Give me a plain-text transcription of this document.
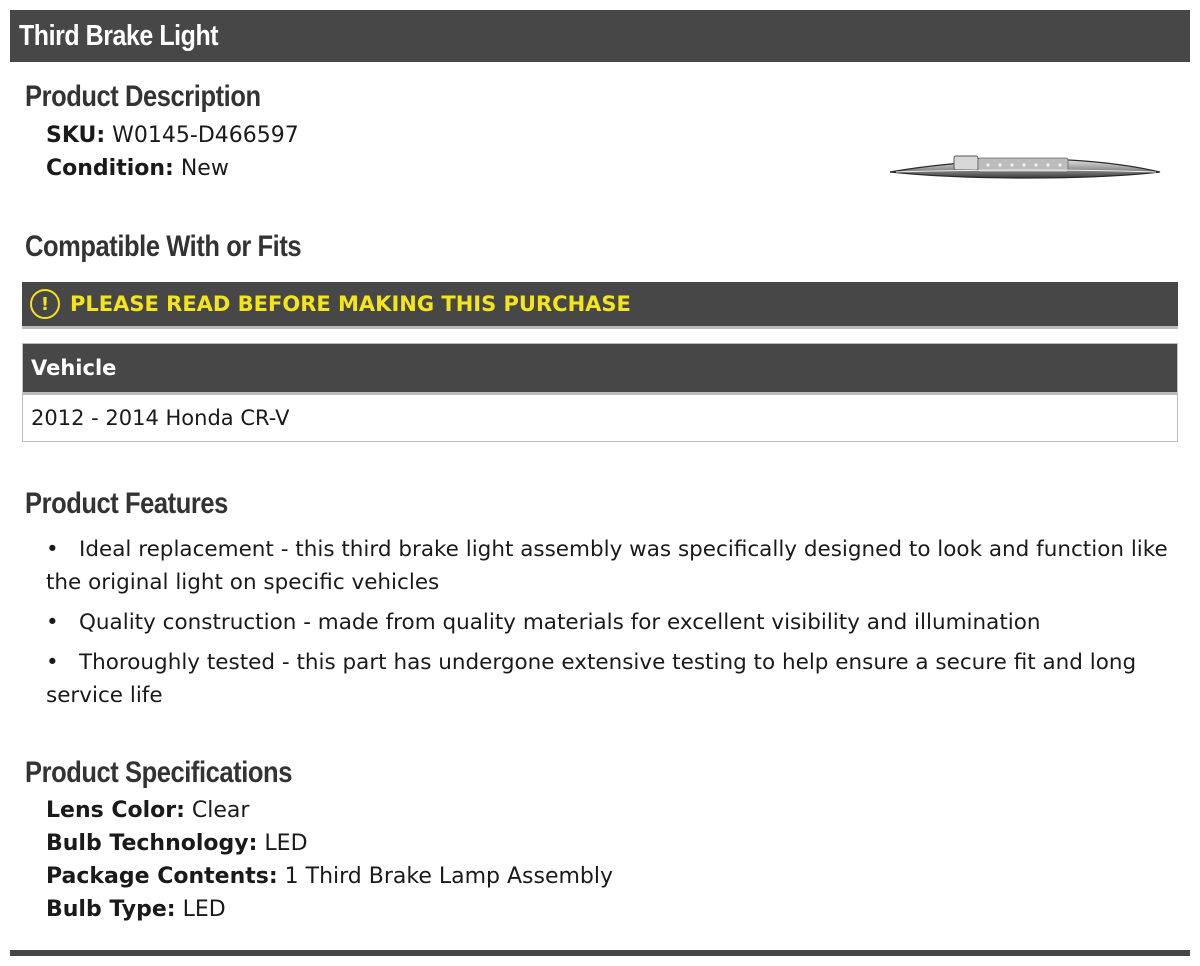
Third Brake Light
Product Description
SKU: W0145-D466597
Condition: New
Compatible With or Fits
! PLEASE READ BEFORE MAKING THIS PURCHASE
Vehicle
2012 - 2014 Honda CR-V
Product Features
• Ideal replacement - this third brake light assembly was specifically designed to look and function like the original light on specific vehicles
• Quality construction - made from quality materials for excellent visibility and illumination
• Thoroughly tested - this part has undergone extensive testing to help ensure a secure fit and long service life
Product Specifications
Lens Color: Clear
Bulb Technology: LED
Package Contents: 1 Third Brake Lamp Assembly
Bulb Type: LED
